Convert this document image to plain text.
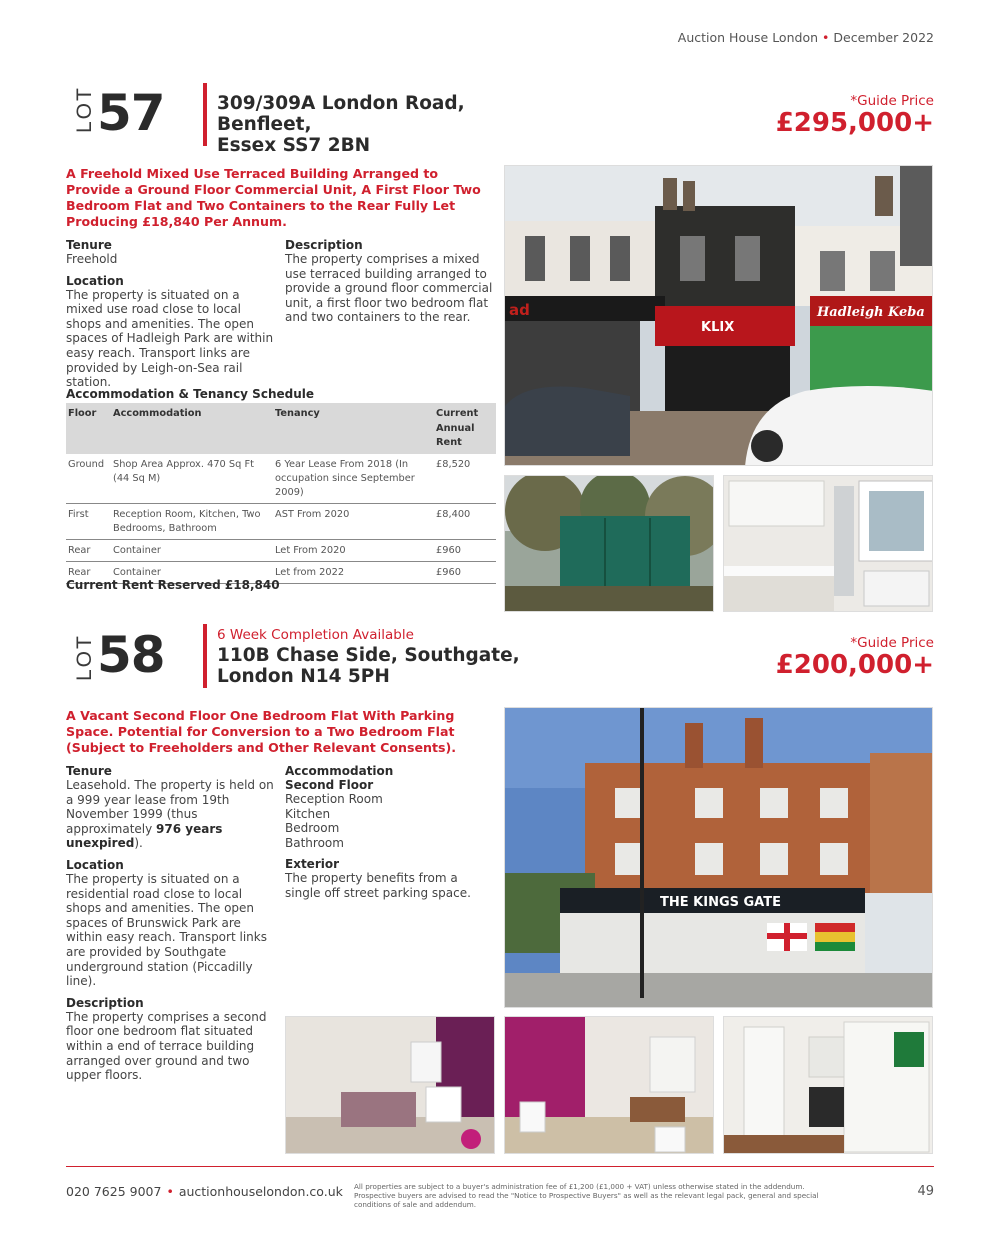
Auction House London • December 2022
LOT 57	309/309A London Road, Benfleet,
Essex SS7 2BN
*Guide Price
£295,000+
A Freehold Mixed Use Terraced Building Arranged to Provide a Ground Floor Commercial Unit, A First Floor Two Bedroom Flat and Two Containers to the Rear Fully Let Producing £18,840 Per Annum.
Tenure
Freehold
Location
The property is situated on a mixed use road close to local shops and amenities. The open spaces of Hadleigh Park are within easy reach. Transport links are provided by Leigh-on-Sea rail station.
Description
The property comprises a mixed use terraced building arranged to provide a ground floor commercial unit, a first floor two bedroom flat and two containers to the rear.
Accommodation & Tenancy Schedule
Floor	Accommodation	Tenancy	Current Annual Rent
Ground	Shop Area Approx. 470 Sq Ft (44 Sq M)	6 Year Lease From 2018 (In occupation since September 2009)	£8,520
First	Reception Room, Kitchen, Two Bedrooms, Bathroom	AST From 2020	£8,400
Rear	Container	Let From 2020	£960
Rear	Container	Let from 2022	£960
Current Rent Reserved £18,840
ad
KLIX
Hadleigh Keba
LOT 58	6 Week Completion Available
110B Chase Side, Southgate,
London N14 5PH
*Guide Price
£200,000+
A Vacant Second Floor One Bedroom Flat With Parking Space. Potential for Conversion to a Two Bedroom Flat (Subject to Freeholders and Other Relevant Consents).
Tenure
Leasehold. The property is held on a 999 year lease from 19th November 1999 (thus approximately 976 years unexpired).
Location
The property is situated on a residential road close to local shops and amenities. The open spaces of Brunswick Park are within easy reach. Transport links are provided by Southgate underground station (Piccadilly line).
Description
The property comprises a second floor one bedroom flat situated within a end of terrace building arranged over ground and two upper floors.
Accommodation
Second Floor
Reception Room
Kitchen
Bedroom
Bathroom
Exterior
The property benefits from a single off street parking space.
THE KINGS GATE
020 7625 9007 • auctionhouselondon.co.uk All properties are subject to a buyer's administration fee of £1,200 (£1,000 + VAT) unless otherwise stated in the addendum. Prospective buyers are advised to read the "Notice to Prospective Buyers" as well as the relevant legal pack, general and special conditions of sale and addendum.
49
